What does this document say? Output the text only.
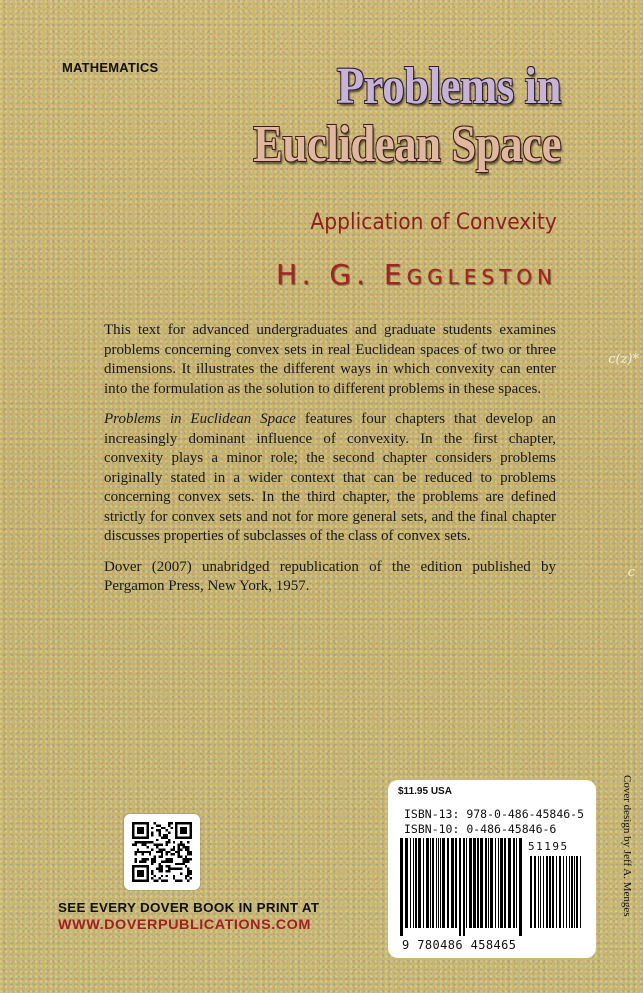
MATHEMATICS	Problems in
Euclidean Space
Application of Convexity
H. G. Eggleston

This text for advanced undergraduates and graduate students examines problems concerning convex sets in real Euclidean spaces of two or three dimensions. It illustrates the different ways in which convexity can enter into the formulation as the solution to different problems in these spaces.

Problems in Euclidean Space features four chapters that develop an increasingly dominant influence of convexity. In the first chapter, convexity plays a minor role; the second chapter considers problems originally stated in a wider context that can be reduced to problems concerning convex sets. In the third chapter, the problems are defined strictly for convex sets and not for more general sets, and the final chapter discusses properties of subclasses of the class of convex sets.

Dover (2007) unabridged republication of the edition published by Pergamon Press, New York, 1957.

c(z)*
c
SEE EVERY DOVER BOOK IN PRINT AT
WWW.DOVERPUBLICATIONS.COM
$11.95 USA
ISBN-13: 978-0-486-45846-5
ISBN-10: 0-486-45846-6
51195
9 780486 458465
Cover design by Jeff A. Menges
